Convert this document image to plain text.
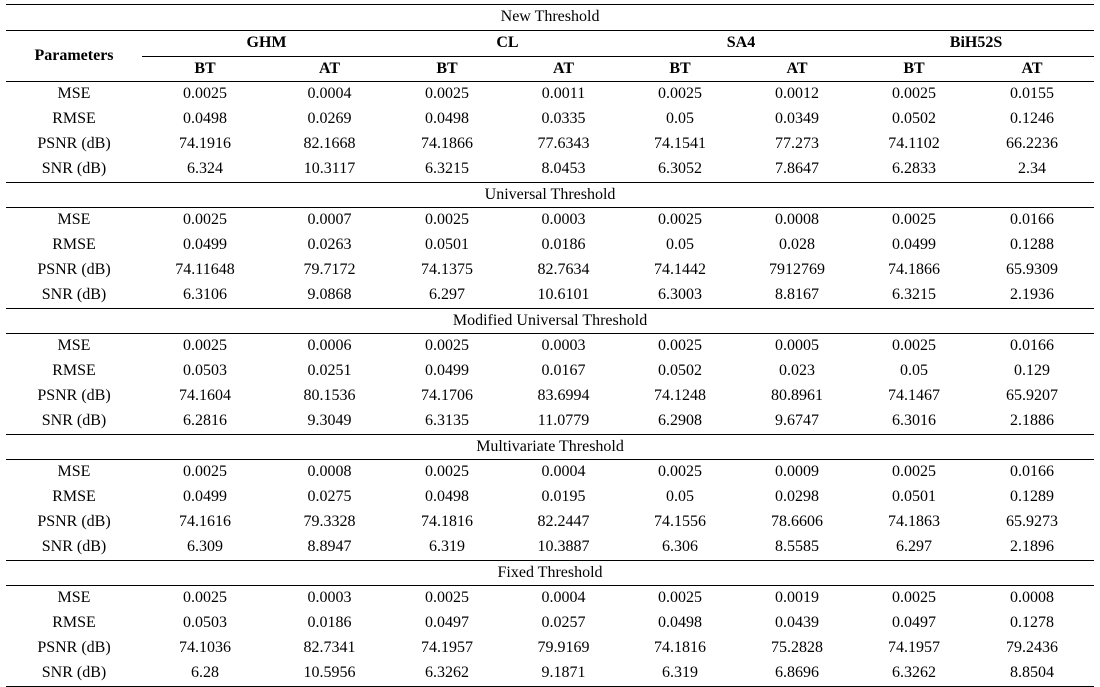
New Threshold								
Parameters	GHM		CL		SA4		BiH52S	
	BT	AT	BT	AT	BT	AT	BT	AT
MSE	0.0025	0.0004	0.0025	0.0011	0.0025	0.0012	0.0025	0.0155
RMSE	0.0498	0.0269	0.0498	0.0335	0.05	0.0349	0.0502	0.1246
PSNR (dB)	74.1916	82.1668	74.1866	77.6343	74.1541	77.273	74.1102	66.2236
SNR (dB)	6.324	10.3117	6.3215	8.0453	6.3052	7.8647	6.2833	2.34
Universal Threshold								
MSE	0.0025	0.0007	0.0025	0.0003	0.0025	0.0008	0.0025	0.0166
RMSE	0.0499	0.0263	0.0501	0.0186	0.05	0.028	0.0499	0.1288
PSNR (dB)	74.11648	79.7172	74.1375	82.7634	74.1442	7912769	74.1866	65.9309
SNR (dB)	6.3106	9.0868	6.297	10.6101	6.3003	8.8167	6.3215	2.1936
Modified Universal Threshold								
MSE	0.0025	0.0006	0.0025	0.0003	0.0025	0.0005	0.0025	0.0166
RMSE	0.0503	0.0251	0.0499	0.0167	0.0502	0.023	0.05	0.129
PSNR (dB)	74.1604	80.1536	74.1706	83.6994	74.1248	80.8961	74.1467	65.9207
SNR (dB)	6.2816	9.3049	6.3135	11.0779	6.2908	9.6747	6.3016	2.1886
Multivariate Threshold								
MSE	0.0025	0.0008	0.0025	0.0004	0.0025	0.0009	0.0025	0.0166
RMSE	0.0499	0.0275	0.0498	0.0195	0.05	0.0298	0.0501	0.1289
PSNR (dB)	74.1616	79.3328	74.1816	82.2447	74.1556	78.6606	74.1863	65.9273
SNR (dB)	6.309	8.8947	6.319	10.3887	6.306	8.5585	6.297	2.1896
Fixed Threshold								
MSE	0.0025	0.0003	0.0025	0.0004	0.0025	0.0019	0.0025	0.0008
RMSE	0.0503	0.0186	0.0497	0.0257	0.0498	0.0439	0.0497	0.1278
PSNR (dB)	74.1036	82.7341	74.1957	79.9169	74.1816	75.2828	74.1957	79.2436
SNR (dB)	6.28	10.5956	6.3262	9.1871	6.319	6.8696	6.3262	8.8504
